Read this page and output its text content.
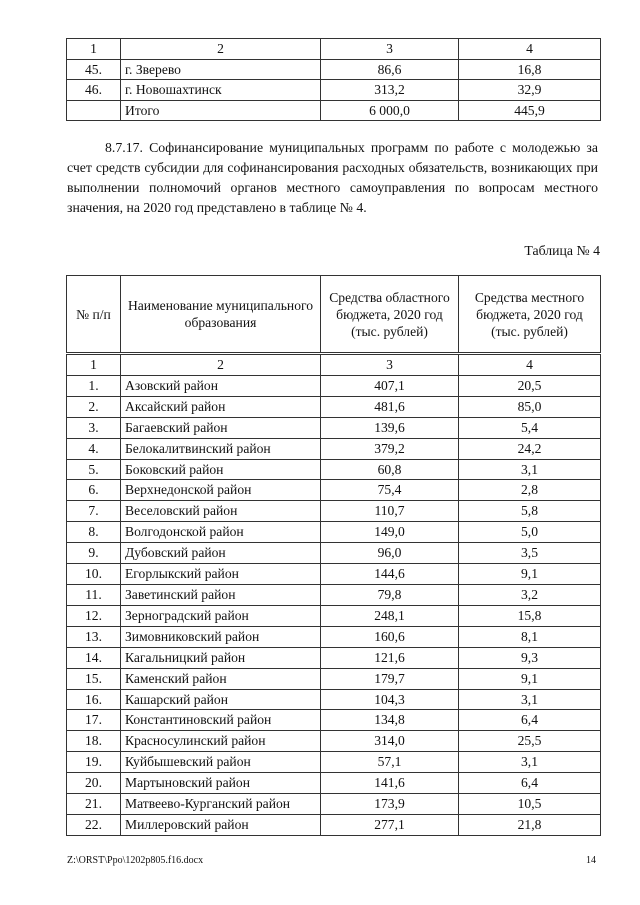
1	2	3	4
45.	г. Зверево	86,6	16,8
46.	г. Новошахтинск	313,2	32,9
	Итого	6 000,0	445,9
8.7.17. Софинансирование муниципальных программ по работе с молодежью за счет средств субсидии для софинансирования расходных обязательств, возникающих при выполнении полномочий органов местного самоуправления по вопросам местного значения, на 2020 год представлено в таблице № 4.
Таблица № 4
№ п/п	Наименование муниципального образования	Средства областного бюджета, 2020 год (тыс. рублей)	Средства местного бюджета, 2020 год (тыс. рублей)
1	2	3	4
1.	Азовский район	407,1	20,5
2.	Аксайский район	481,6	85,0
3.	Багаевский район	139,6	5,4
4.	Белокалитвинский район	379,2	24,2
5.	Боковский район	60,8	3,1
6.	Верхнедонской район	75,4	2,8
7.	Веселовский район	110,7	5,8
8.	Волгодонской район	149,0	5,0
9.	Дубовский район	96,0	3,5
10.	Егорлыкский район	144,6	9,1
11.	Заветинский район	79,8	3,2
12.	Зерноградский район	248,1	15,8
13.	Зимовниковский район	160,6	8,1
14.	Кагальницкий район	121,6	9,3
15.	Каменский район	179,7	9,1
16.	Кашарский район	104,3	3,1
17.	Константиновский район	134,8	6,4
18.	Красносулинский район	314,0	25,5
19.	Куйбышевский район	57,1	3,1
20.	Мартыновский район	141,6	6,4
21.	Матвеево-Курганский район	173,9	10,5
22.	Миллеровский район	277,1	21,8
Z:\ORST\Ppo\1202p805.f16.docx	14
